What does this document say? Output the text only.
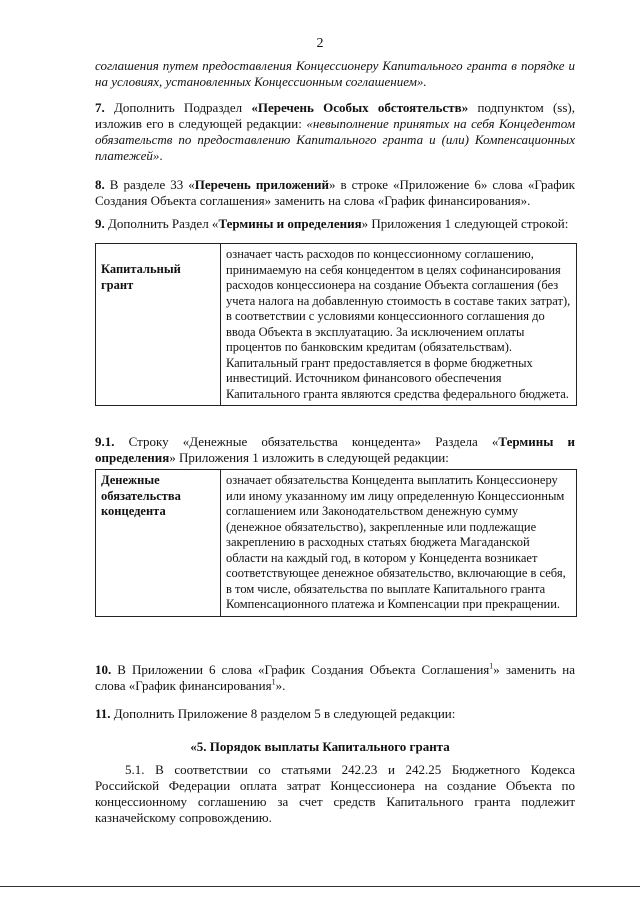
2
соглашения путем предоставления Концессионеру Капитального гранта в порядке и на условиях, установленных Концессионным соглашением».
7. Дополнить Подраздел «Перечень Особых обстоятельств» подпунктом (ss), изложив его в следующей редакции: «невыполнение принятых на себя Концедентом обязательств по предоставлению Капитального гранта и (или) Компенсационных платежей».
8. В разделе 33 «Перечень приложений» в строке «Приложение 6» слова «График Создания Объекта соглашения» заменить на слова «График финансирования».
9. Дополнить Раздел «Термины и определения» Приложения 1 следующей строкой:
Капитальный грант	означает часть расходов по концессионному соглашению, принимаемую на себя концедентом в целях софинансирования расходов концессионера на создание Объекта соглашения (без учета налога на добавленную стоимость в составе таких затрат), в соответствии с условиями концессионного соглашения до ввода Объекта в эксплуатацию. За исключением оплаты процентов по банковским кредитам (обязательствам). Капитальный грант предоставляется в форме бюджетных инвестиций. Источником финансового обеспечения Капитального гранта являются средства федерального бюджета.
9.1. Строку «Денежные обязательства концедента» Раздела «Термины и определения» Приложения 1 изложить в следующей редакции:
Денежные обязательства концедента	означает обязательства Концедента выплатить Концессионеру или иному указанному им лицу определенную Концессионным соглашением или Законодательством денежную сумму (денежное обязательство), закрепленные или подлежащие закреплению в расходных статьях бюджета Магаданской области на каждый год, в котором у Концедента возникает соответствующее денежное обязательство, включающие в себя, в том числе, обязательства по выплате Капитального гранта Компенсационного платежа и Компенсации при прекращении.
10. В Приложении 6 слова «График Создания Объекта Соглашения$^1$» заменить на слова «График финансирования$^1$».
11. Дополнить Приложение 8 разделом 5 в следующей редакции:
«5. Порядок выплаты Капитального гранта
5.1. В соответствии со статьями 242.23 и 242.25 Бюджетного Кодекса Российской Федерации оплата затрат Концессионера на создание Объекта по концессионному соглашению за счет средств Капитального гранта подлежит казначейскому сопровождению.
